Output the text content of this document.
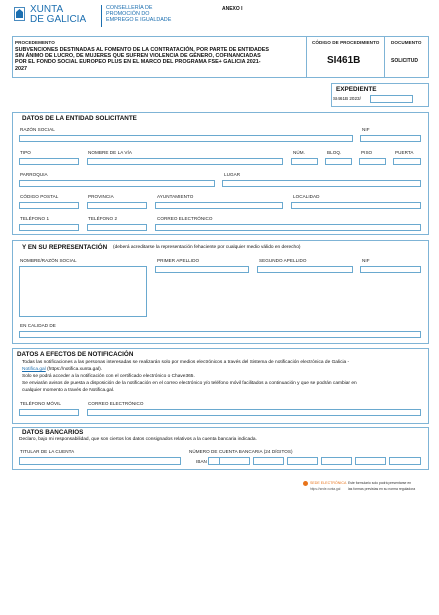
XUNTA
DE GALICIA
CONSELLERÍA DE
PROMOCIÓN DO
EMPREGO E IGUALDADE
ANEXO I
PROCEDEMENTO
SUBVENCIONES DESTINADAS AL FOMENTO DE LA CONTRATACIÓN, POR PARTE DE ENTIDADES
SIN ÁNIMO DE LUCRO, DE MUJERES QUE SUFREN VIOLENCIA DE GÉNERO, COFINANCIADAS
POR EL FONDO SOCIAL EUROPEO PLUS EN EL MARCO DEL PROGRAMA FSE+ GALICIA 2021-
2027
CÓDIGO DE PROCEDIMIENTO
SI461B
DOCUMENTO
SOLICITUD
EXPEDIENTE
SI461B 2023/
DATOS DE LA ENTIDAD SOLICITANTE
RAZÓN SOCIAL	NIF
TIPO	NOMBRE DE LA VÍA	NÚM.	BLOQ.	PISO	PUERTA
PARROQUIA	LUGAR
CÓDIGO POSTAL	PROVINCIA	AYUNTAMIENTO	LOCALIDAD
TELÉFONO 1	TELÉFONO 2	CORREO ELECTRÓNICO
Y EN SU REPRESENTACIÓN (deberá acreditarse la representación fehaciente por cualquier medio válido en derecho)
NOMBRE/RAZÓN SOCIAL	PRIMER APELLIDO	SEGUNDO APELLIDO	NIF
EN CALIDAD DE
DATOS A EFECTOS DE NOTIFICACIÓN
Todas las notificaciones a las personas interesadas se realizarán solo por medios electrónicos a través del Sistema de notificación electrónica de Galicia -
Notifica.gal (https://notifica.xunta.gal).
Solo se podrá acceder a la notificación con el certificado electrónico o Chave365.
Se enviarán avisos de puesta a disposición de la notificación en el correo electrónico y/o teléfono móvil facilitados a continuación y que se podrán cambiar en
cualquier momento a través de Notifica.gal.
TELÉFONO MÓVIL	CORREO ELECTRÓNICO
DATOS BANCARIOS
Declaro, bajo mi responsabilidad, que son ciertos los datos consignados relativos a la cuenta bancaria indicada.
TITULAR DE LA CUENTA	NÚMERO DE CUENTA BANCARIA (24 DÍGITOS)
IBAN
SEDE ELECTRÓNICA
https://sede.xunta.gal
Este formulario solo podrá presentarse en
las formas previstas en su norma reguladora
